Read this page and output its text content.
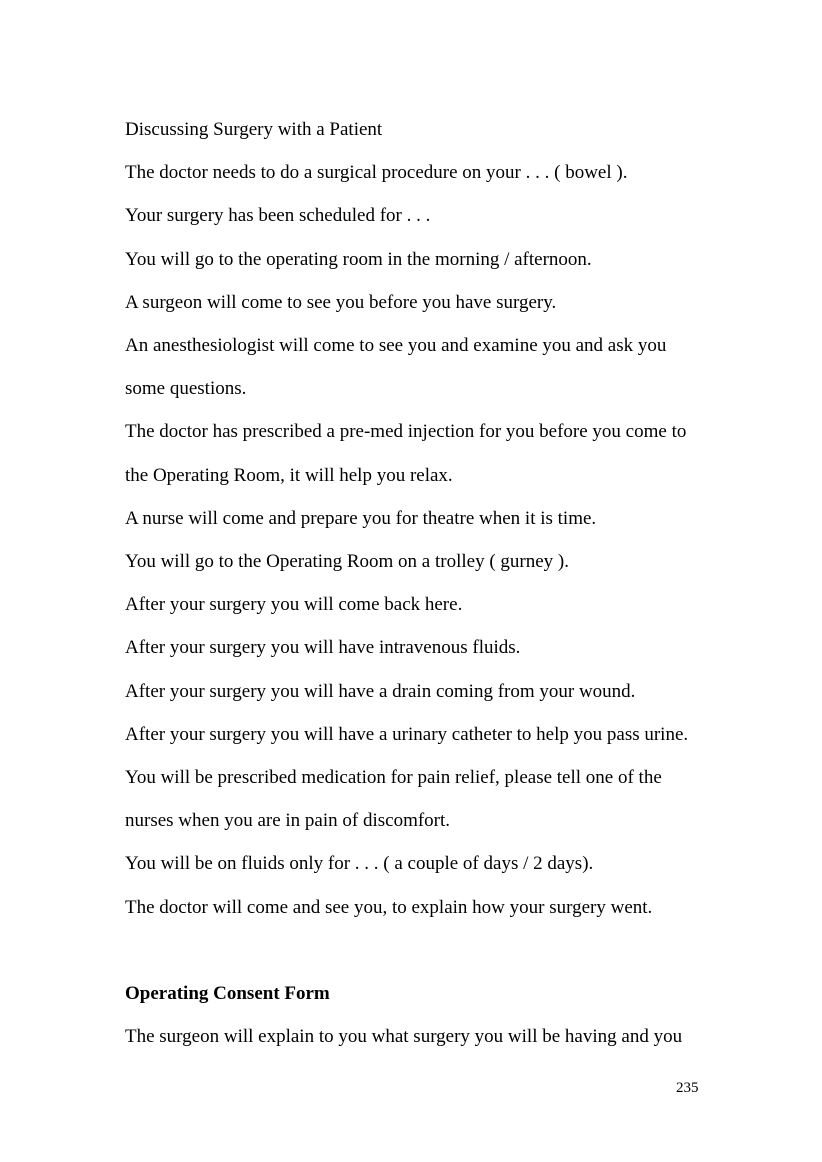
Discussing Surgery with a Patient

The doctor needs to do a surgical procedure on your . . . ( bowel ).

Your surgery has been scheduled for . . .

You will go to the operating room in the morning / afternoon.

A surgeon will come to see you before you have surgery.

An anesthesiologist will come to see you and examine you and ask you

some questions.

The doctor has prescribed a pre-med injection for you before you come to

the Operating Room, it will help you relax.

A nurse will come and prepare you for theatre when it is time.

You will go to the Operating Room on a trolley ( gurney ).

After your surgery you will come back here.

After your surgery you will have intravenous fluids.

After your surgery you will have a drain coming from your wound.

After your surgery you will have a urinary catheter to help you pass urine.

You will be prescribed medication for pain relief, please tell one of the

nurses when you are in pain of discomfort.

You will be on fluids only for . . . ( a couple of days / 2 days).

The doctor will come and see you, to explain how your surgery went.

Operating Consent Form

The surgeon will explain to you what surgery you will be having and you

235
